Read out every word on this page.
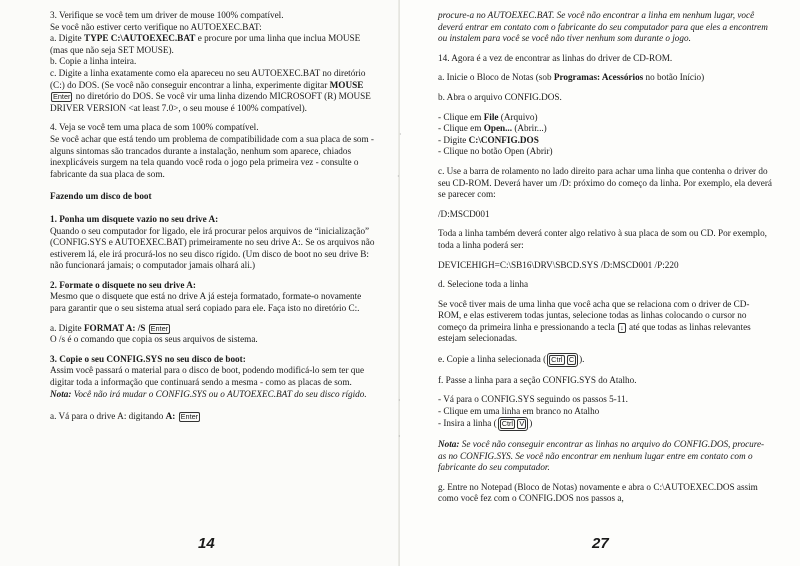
3. Verifique se você tem um driver de mouse 100% compatível.

Se você não estiver certo verifique no AUTOEXEC.BAT:

a. Digite TYPE C:\AUTOEXEC.BAT e procure por uma linha que inclua MOUSE (mas que não seja SET MOUSE).

b. Copie a linha inteira.

c. Digite a linha exatamente como ela apareceu no seu AUTOEXEC.BAT no diretório (C:) do DOS. (Se você não conseguir encontrar a linha, experimente digitar MOUSE Enter no diretório do DOS. Se você vir uma linha dizendo MICROSOFT (R) MOUSE DRIVER VERSION <at least 7.0>, o seu mouse é 100% compatível).

4. Veja se você tem uma placa de som 100% compatível.

Se você achar que está tendo um problema de compatibilidade com a sua placa de som - alguns sintomas são trancados durante a instalação, nenhum som aparece, chiados inexplicáveis surgem na tela quando você roda o jogo pela primeira vez - consulte o fabricante da sua placa de som.

Fazendo um disco de boot

1. Ponha um disquete vazio no seu drive A:

Quando o seu computador for ligado, ele irá procurar pelos arquivos de “inicialização” (CONFIG.SYS e AUTOEXEC.BAT) primeiramente no seu drive A:. Se os arquivos não estiverem lá, ele irá procurá-los no seu disco rígido. (Um disco de boot no seu drive B: não funcionará jamais; o computador jamais olhará ali.)

2. Formate o disquete no seu drive A:

Mesmo que o disquete que está no drive A já esteja formatado, formate-o novamente para garantir que o seu sistema atual será copiado para ele. Faça isto no diretório C:.

a. Digite FORMAT A: /S Enter

O /s é o comando que copia os seus arquivos de sistema.

3. Copie o seu CONFIG.SYS no seu disco de boot:

Assim você passará o material para o disco de boot, podendo modificá-lo sem ter que digitar toda a informação que continuará sendo a mesma - como as placas de som.

Nota: Você não irá mudar o CONFIG.SYS ou o AUTOEXEC.BAT do seu disco rígido.

a. Vá para o drive A: digitando A: Enter

14

procure-a no AUTOEXEC.BAT. Se você não encontrar a linha em nenhum lugar, você deverá entrar em contato com o fabricante do seu computador para que eles a encontrem ou instalem para você se você não tiver nenhum som durante o jogo.

14. Agora é a vez de encontrar as linhas do driver de CD-ROM.

a. Inicie o Bloco de Notas (sob Programas: Acessórios no botão Início)

b. Abra o arquivo CONFIG.DOS.

- Clique em File (Arquivo)

- Clique em Open... (Abrir...)

- Digite C:\CONFIG.DOS

- Clique no botão Open (Abrir)

c. Use a barra de rolamento no lado direito para achar uma linha que contenha o driver do seu CD-ROM. Deverá haver um /D: próximo do começo da linha. Por exemplo, ela deverá se parecer com:

/D:MSCD001

Toda a linha também deverá conter algo relativo à sua placa de som ou CD. Por exemplo, toda a linha poderá ser:

DEVICEHIGH=C:\SB16\DRV\SBCD.SYS /D:MSCD001 /P:220

d. Selecione toda a linha

Se você tiver mais de uma linha que você acha que se relaciona com o driver de CD-ROM, e elas estiverem todas juntas, selecione todas as linhas colocando o cursor no começo da primeira linha e pressionando a tecla ↓ até que todas as linhas relevantes estejam selecionadas.

e. Copie a linha selecionada ( Ctrl C ).

f. Passe a linha para a seção CONFIG.SYS do Atalho.

- Vá para o CONFIG.SYS seguindo os passos 5-11.

- Clique em uma linha em branco no Atalho

- Insira a linha ( Ctrl V )

Nota: Se você não conseguir encontrar as linhas no arquivo do CONFIG.DOS, procure-as no CONFIG.SYS. Se você não encontrar em nenhum lugar entre em contato com o fabricante do seu computador.

g. Entre no Notepad (Bloco de Notas) novamente e abra o C:\AUTOEXEC.DOS assim como você fez com o CONFIG.DOS nos passos a,

27
·
·
·
·
